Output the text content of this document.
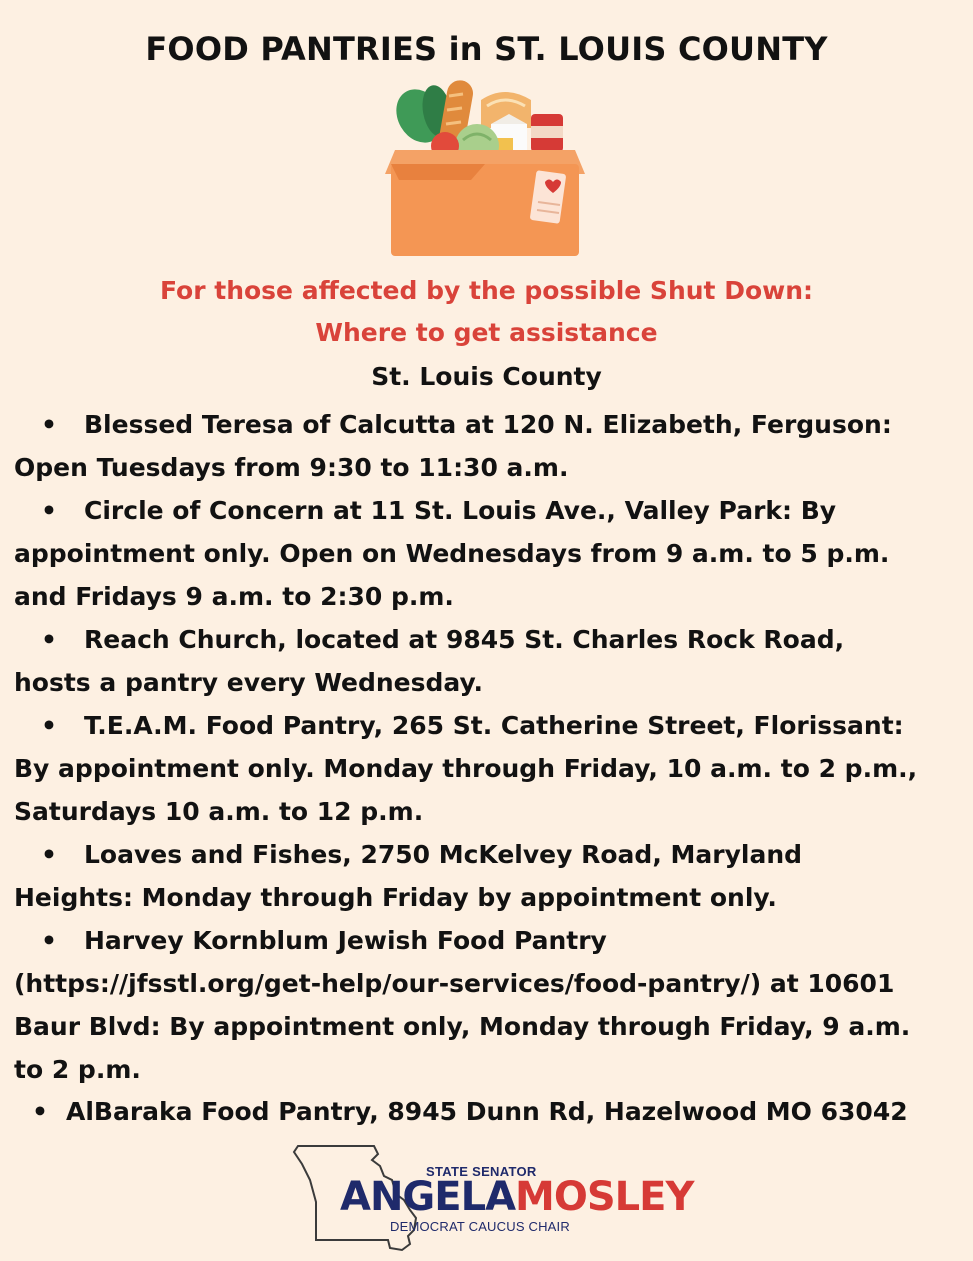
FOOD PANTRIES in ST. LOUIS COUNTY
For those affected by the possible Shut Down:
Where to get assistance
St. Louis County
• Blessed Teresa of Calcutta at 120 N. Elizabeth, Ferguson:
Open Tuesdays from 9:30 to 11:30 a.m.
• Circle of Concern at 11 St. Louis Ave., Valley Park: By
appointment only. Open on Wednesdays from 9 a.m. to 5 p.m.
and Fridays 9 a.m. to 2:30 p.m.
• Reach Church, located at 9845 St. Charles Rock Road,
hosts a pantry every Wednesday.
• T.E.A.M. Food Pantry, 265 St. Catherine Street, Florissant:
By appointment only. Monday through Friday, 10 a.m. to 2 p.m.,
Saturdays 10 a.m. to 12 p.m.
• Loaves and Fishes, 2750 McKelvey Road, Maryland
Heights: Monday through Friday by appointment only.
• Harvey Kornblum Jewish Food Pantry
(https://jfsstl.org/get-help/our-services/food-pantry/) at 10601
Baur Blvd: By appointment only, Monday through Friday, 9 a.m.
to 2 p.m.
• AlBaraka Food Pantry, 8945 Dunn Rd, Hazelwood MO 63042
STATE SENATOR
ANGELAMOSLEY
DEMOCRAT CAUCUS CHAIR
